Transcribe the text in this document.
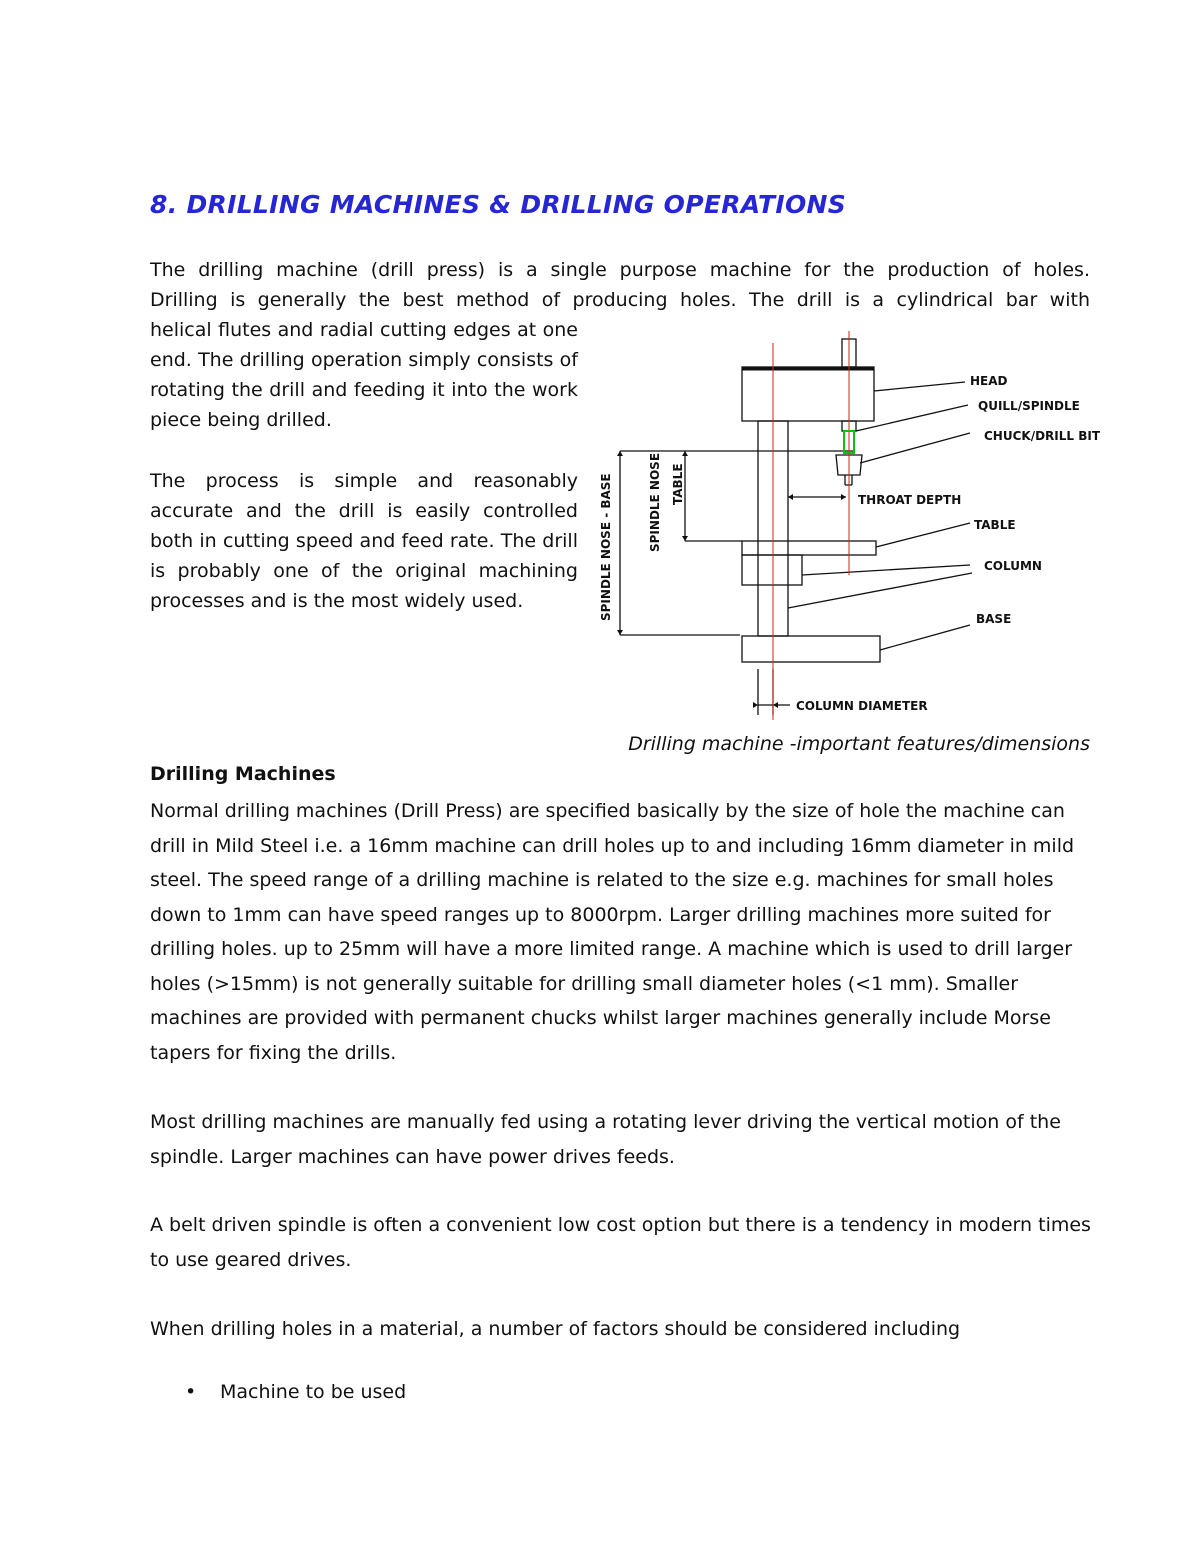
8. DRILLING MACHINES & DRILLING OPERATIONS

The drilling machine (drill press) is a single purpose machine for the production of holes.

Drilling is generally the best method of producing holes. The drill is a cylindrical bar with

helical flutes and radial cutting edges at one end. The drilling operation simply consists of rotating the drill and feeding it into the work piece being drilled.

The process is simple and reasonably accurate and the drill is easily controlled both in cutting speed and feed rate. The drill is probably one of the original machining processes and is the most widely used.

HEAD
QUILL/SPINDLE
CHUCK/DRILL BIT
THROAT DEPTH
TABLE
COLUMN
BASE
COLUMN DIAMETER
SPINDLE NOSE - BASE	SPINDLE NOSE TABLE

Drilling machine -important features/dimensions

Drilling Machines

Normal drilling machines (Drill Press) are specified basically by the size of hole the machine can drill in Mild Steel i.e. a 16mm machine can drill holes up to and including 16mm diameter in mild steel. The speed range of a drilling machine is related to the size e.g. machines for small holes down to 1mm can have speed ranges up to 8000rpm. Larger drilling machines more suited for drilling holes. up to 25mm will have a more limited range. A machine which is used to drill larger holes (>15mm) is not generally suitable for drilling small diameter holes (<1 mm). Smaller machines are provided with permanent chucks whilst larger machines generally include Morse tapers for fixing the drills.

Most drilling machines are manually fed using a rotating lever driving the vertical motion of the spindle. Larger machines can have power drives feeds.

A belt driven spindle is often a convenient low cost option but there is a tendency in modern times to use geared drives.

When drilling holes in a material, a number of factors should be considered including

• Machine to be used
